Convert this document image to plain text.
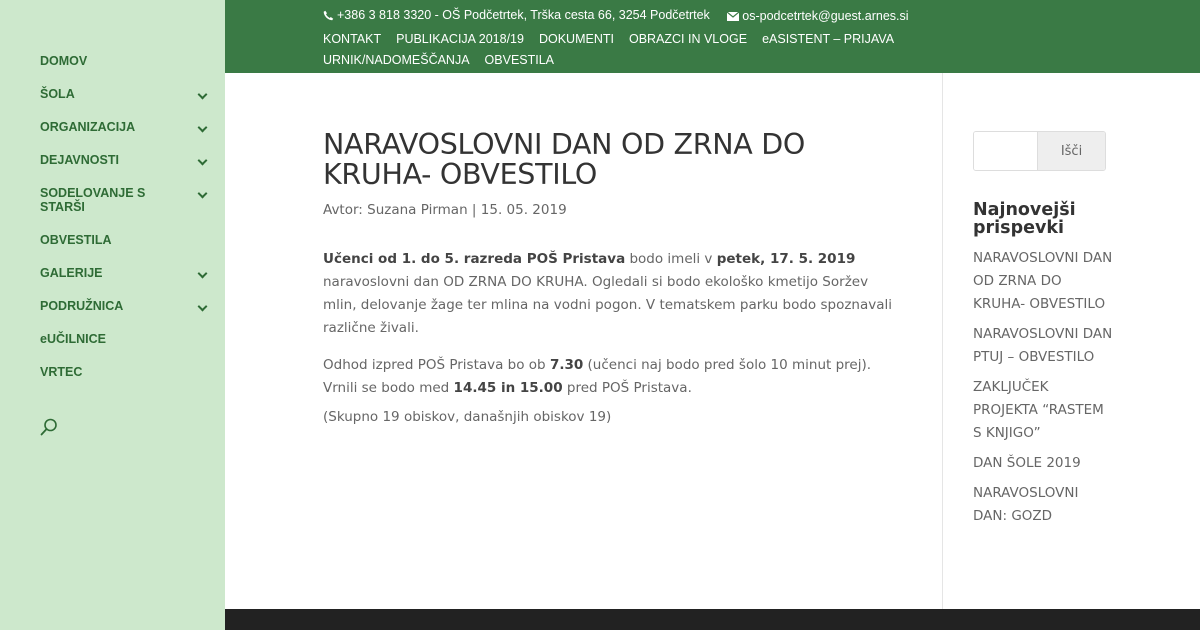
DOMOV
ŠOLA
ORGANIZACIJA
DEJAVNOSTI
SODELOVANJE S STARŠI
OBVESTILA
GALERIJE
PODRUŽNICA
eUČILNICE
VRTEC
+386 3 818 3320 - OŠ Podčetrtek, Trška cesta 66, 3254 Podčetrtek
	os-podcetrtek@guest.arnes.si
KONTAKT PUBLIKACIJA 2018/19 DOKUMENTI OBRAZCI IN VLOGE eASISTENT – PRIJAVAURNIK/NADOMEŠČANJA OBVESTILA
NARAVOSLOVNI DAN OD ZRNA DO KRUHA- OBVESTILO
Avtor: Suzana Pirman | 15. 05. 2019

Učenci od 1. do 5. razreda POŠ Pristava bodo imeli v petek, 17. 5. 2019 naravoslovni dan OD ZRNA DO KRUHA. Ogledali si bodo ekološko kmetijo Soržev mlin, delovanje žage ter mlina na vodni pogon. V tematskem parku bodo spoznavali različne živali.

Odhod izpred POŠ Pristava bo ob 7.30 (učenci naj bodo pred šolo 10 minut prej). Vrnili se bodo med 14.45 in 15.00 pred POŠ Pristava.

(Skupno 19 obiskov, današnjih obiskov 19)

Išči
Najnovejši prispevki
NARAVOSLOVNI DAN OD ZRNA DO KRUHA- OBVESTILO
NARAVOSLOVNI DAN PTUJ – OBVESTILO
ZAKLJUČEK PROJEKTA “RASTEM S KNJIGO”
DAN ŠOLE 2019
NARAVOSLOVNI DAN: GOZD
